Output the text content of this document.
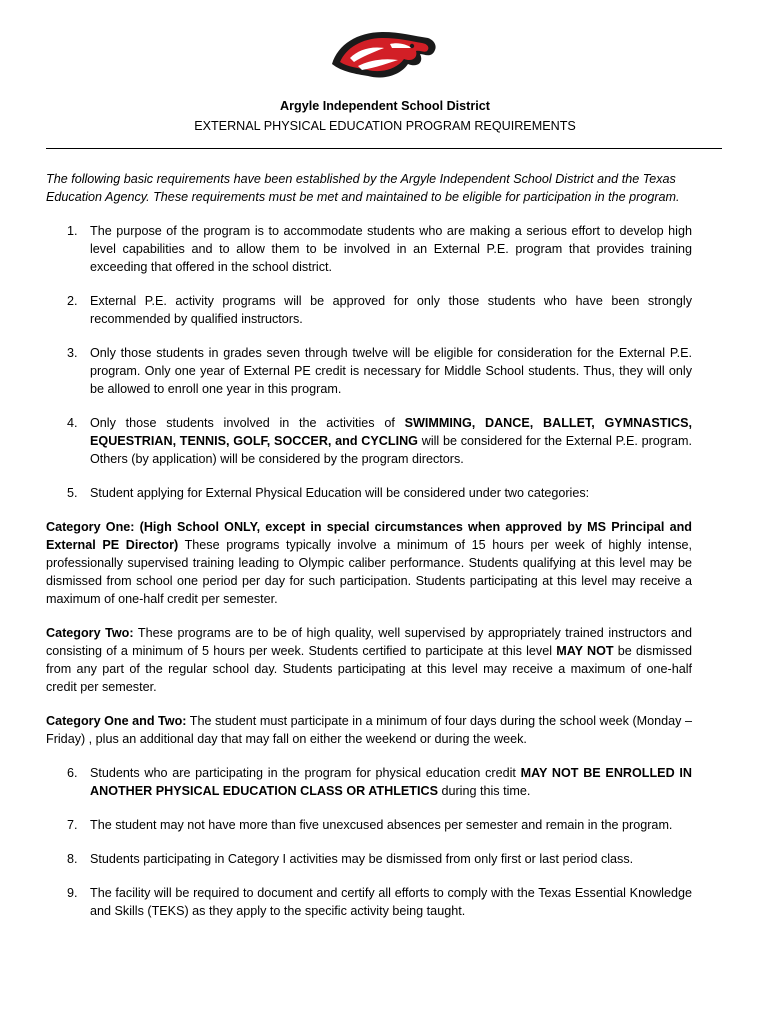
Argyle Independent School District
EXTERNAL PHYSICAL EDUCATION PROGRAM REQUIREMENTS

The following basic requirements have been established by the Argyle Independent School District and the Texas Education Agency. These requirements must be met and maintained to be eligible for participation in the program.

1. The purpose of the program is to accommodate students who are making a serious effort to develop high level capabilities and to allow them to be involved in an External P.E. program that provides training exceeding that offered in the school district.
2. External P.E. activity programs will be approved for only those students who have been strongly recommended by qualified instructors.
3. Only those students in grades seven through twelve will be eligible for consideration for the External P.E. program. Only one year of External PE credit is necessary for Middle School students. Thus, they will only be allowed to enroll one year in this program.
4. Only those students involved in the activities of SWIMMING, DANCE, BALLET, GYMNASTICS, EQUESTRIAN, TENNIS, GOLF, SOCCER, and CYCLING will be considered for the External P.E. program. Others (by application) will be considered by the program directors.
5. Student applying for External Physical Education will be considered under two categories:

Category One: (High School ONLY, except in special circumstances when approved by MS Principal and External PE Director) These programs typically involve a minimum of 15 hours per week of highly intense, professionally supervised training leading to Olympic caliber performance. Students qualifying at this level may be dismissed from school one period per day for such participation. Students participating at this level may receive a maximum of one-half credit per semester.

Category Two: These programs are to be of high quality, well supervised by appropriately trained instructors and consisting of a minimum of 5 hours per week. Students certified to participate at this level MAY NOT be dismissed from any part of the regular school day. Students participating at this level may receive a maximum of one-half credit per semester.

Category One and Two: The student must participate in a minimum of four days during the school week (Monday – Friday) , plus an additional day that may fall on either the weekend or during the week.

6. Students who are participating in the program for physical education credit MAY NOT BE ENROLLED IN ANOTHER PHYSICAL EDUCATION CLASS OR ATHLETICS during this time.
7. The student may not have more than five unexcused absences per semester and remain in the program.
8. Students participating in Category I activities may be dismissed from only first or last period class.
9. The facility will be required to document and certify all efforts to comply with the Texas Essential Knowledge and Skills (TEKS) as they apply to the specific activity being taught.
